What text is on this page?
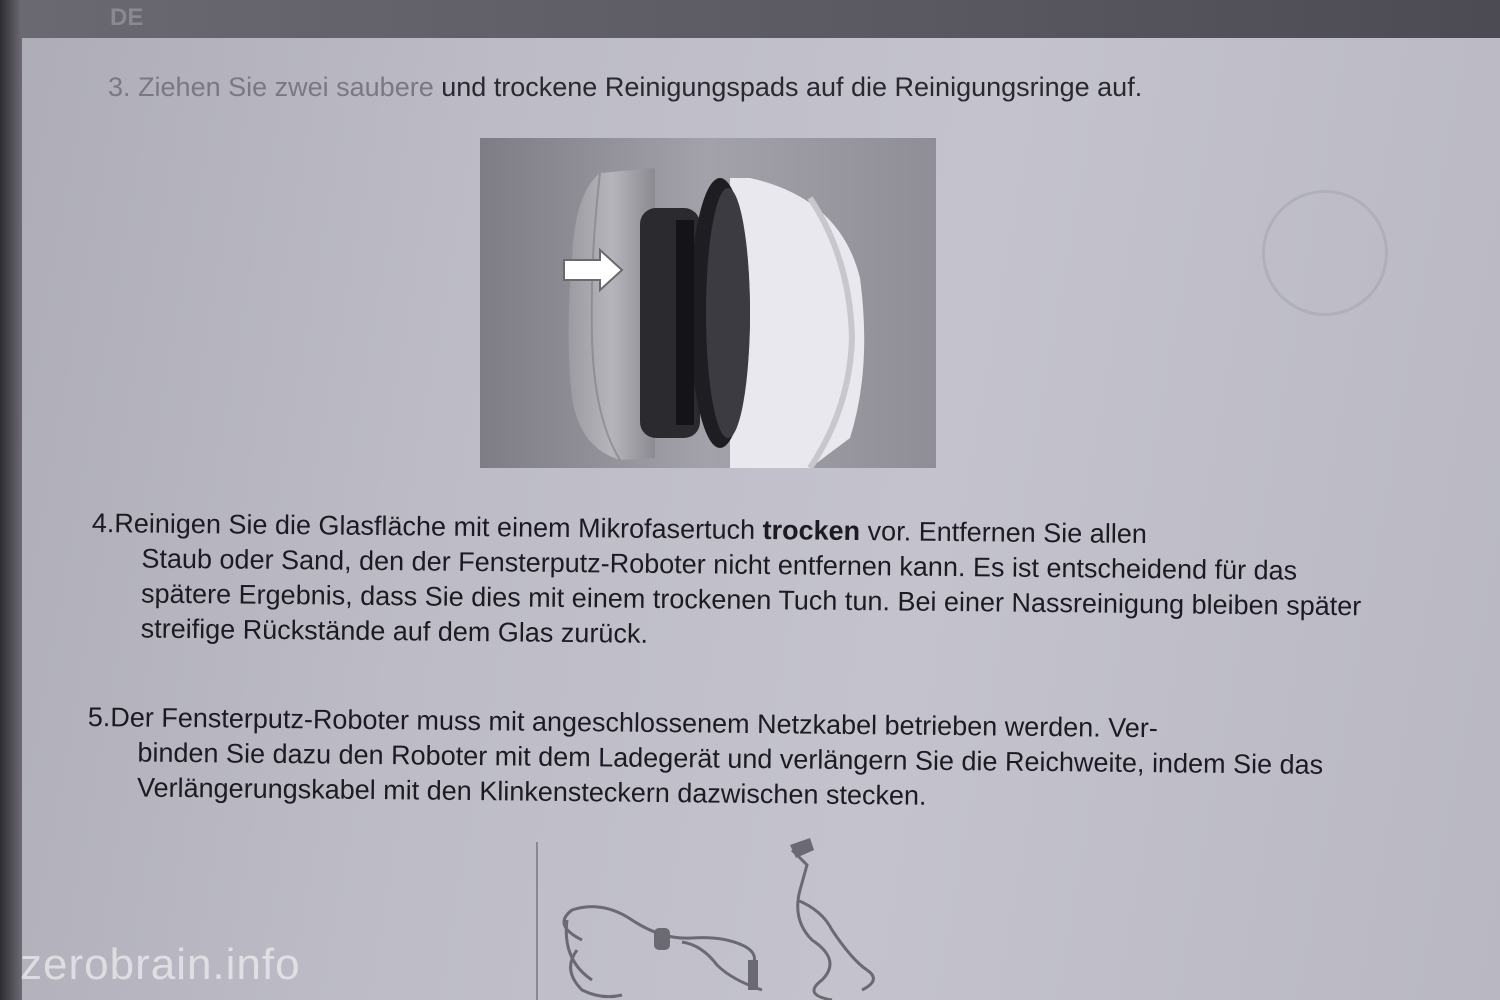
DE
3. Ziehen Sie zwei saubere und trockene Reinigungspads auf die Reinigungsringe auf.
4.Reinigen Sie die Glasfläche mit einem Mikrofasertuch trocken vor. Entfernen Sie allen
Staub oder Sand, den der Fensterputz-Roboter nicht entfernen kann. Es ist entscheidend für das spätere Ergebnis, dass Sie dies mit einem trockenen Tuch tun. Bei einer Nassreinigung bleiben später streifige Rückstände auf dem Glas zurück.
5.Der Fensterputz-Roboter muss mit angeschlossenem Netzkabel betrieben werden. Ver-
binden Sie dazu den Roboter mit dem Ladegerät und verlängern Sie die Reichweite, indem Sie das Verlängerungskabel mit den Klinkensteckern dazwischen stecken.
zerobrain.info
